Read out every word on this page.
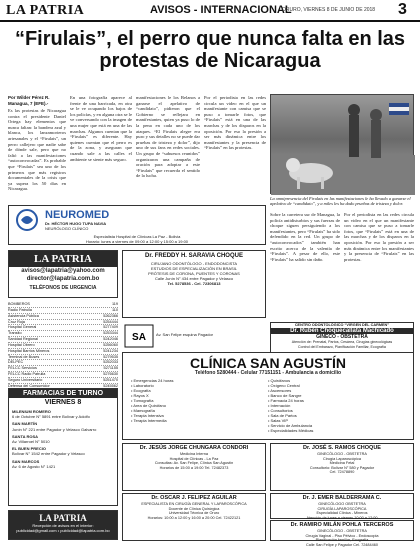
LA PATRIA	AVISOS - INTERNACIONAL
ORURO, VIERNES 8 DE JUNIO DE 2018 3
“Firulais”, el perro que nunca falta en las protestas de Nicaragua
Por Wilder Pérez R.
Managua, 7 (EFE).-
Es las protestas de Nicaragua contra el presidente Daniel Ortega hay elementos que nunca faltan: la bandera azul y blanca, los lanzamorteros artesanales y el “Firulais”, un perro callejero que nadie sabe de dónde sale, pero que no faltó a las manifestaciones “autoconvocadas”. Es probable que “Firulais” sea uno de los primeros que más registros documentales de la crisis que ya supera los 50 días en Nicaragua.
En una fotografía aparece al frente de una barricada, en otra se le ve ocupando los bajos de los policías, y en alguna otra se le ve conversando con la imagen de una mujer que está en una de las marchas. Algunos cuentan que la “Firulais” es diferente. Hay quienes cuentan que el perro es de la zona, y aseguran que cuando sale a las calles el ambiente se siente más seguro.
manifestaciones le los Belanos a ganarse el apelativo de “candidato”, pidieron que el Gobierno se reflejara en manifestantes, quien ya puso lo de la pena en cada uno de los ataques. “El Firulais alegre era puro y sus detalles no se puede dar pruebas de tristeza y dolor”, dijo uno de sus fans en redes sociales. Un grupo de “sabuesos reunidos” organizaron una campaña de oración para adoptar a este “Firulais” que recuerda el sentido de la lucha.
Por el periodista en las redes circula un video en el que un manifestante con camisa que se puso a tomarle fotos, que “Firulais” está en una de las marchas y de los disparos en la oposición. Por eso la presión a ser más dinámica entre los manifestantes y la presencia de “Firulais” en las protestas.
La omnipresencia del Firulais en las manifestaciones le ha llevado a ganarse el apelativo de “candidato”, y a miles les ha dado pruebas de tristeza y dolor.
Sobre la carretera sur de Managua, la policía antidisturbios y sus fuerzas de choque siguen persiguiendo a los manifestantes, pero “Firulais” ha sido defendido en la red. Un grupo de “autoconvocados” también han escrito acerca de la valentía de “Firulais”. A pesar de ello, este “Firulais” ha salido sin daño.
Por el periodista en las redes circula un video en el que un manifestante con camisa que se puso a tomarle fotos, que “Firulais” está en una de las marchas y de los disparos en la oposición. Por eso la presión a ser más dinámica entre los manifestantes y la presencia de “Firulais” en las protestas.
NEUROMED
Dr. HÉCTOR HUGO TUPA NAVIA
NEURÓLOGO CLÍNICO
Especialista Hospital de Clínicas La Paz - Bolivia
Horario: lunes a viernes de 09:00 a 12:00 y 15:00 a 19:00
LA PATRIA
avisos@lapatria@yahoo.com
director@lapatria.com.bo
TELÉFONOS DE URGENCIA
BOMBEROS	119
Radio Patrulla	110
Asistencia Pública	5262366
Cruz Roja	5254444
Hospital General	5277409
Transito	5253344
Sanidad Regional	5242046
Hospital Obrero	5256060
Hospital Barrios Mineros	5241234
Terminal de Buses	5279535
DELPEC	5252033
FELCC Servicios	5271155
FELCC Radio Patrulla	5276630
Seguro Universitario	5251470
Defensa del Consumidor	5245562
FARMACIAS DE TURNO
VIERNES 8
MILENIUM ROMERO
6 de Octubre N° 5891 entre Bolívar y Adolfo
SAN MARTÍN
Junín N° 221 entre Pagador y Velasco Galvarro
SANTA ROSA
Av. Villarroel N° 5010
EL BUEN PRECIO
Bolívar N° 1542 entre Pagador y Velasco
SAN MARCOS
Av. 6 de Agosto N° 1421
LA PATRIA
Recepción de avisos en el interior:
publicidad@gmail.com • publicidad@lapatria.com.bo
Dr. FREDDY H. SARAVIA CHOQUE
CIRUJANO ODONTÓLOGO - ENDODONCISTA
ESTUDIOS DE ESPECIALIZACIÓN EN BRASIL
PRÓTESIS DE CORONA, PUENTES Y CORONAS
Calle Junín N° 434 entre Pagador y Velasco
Tel. 5278536 - Cel. 72306813
CENTRO ODONTOLÓGICO “VIRGEN DEL CARMEN”
Dr. Rubén Choquecallata Machicado
GINECO - OBSTETRA
Atención de: Prenatal, Partos, Cesárea, Cirugías ginecológicas
Control del Embarazo, Planificación Familiar, Ecografía
SA	Av. San Felipe esquina Pagador
CLÍNICA SAN AGUSTÍN
Teléfono 5280444 - Celular 77151151 - Ambulancia a domicilio
• Emergencias 24 horas
• Laboratorio
• Ecografía
• Rayos X
• Tomografía
• Area de Quirófano
• Mamografía
• Terapia Intensiva
• Terapia Intermedia
• Quirófanos
• Oxígeno Central
• Ascensores
• Banco de Sangre
• Farmacia 24 horas
• Internación
• Consultorios
• Sala de Partos
• Salas VIP
• Servicio de Ambulancia
• Especialidades Médicas
Dr. JESÚS JORGE CHUNGARA CONDORI
Medicina Interna
Hospital de Clínicas - La Paz
Consultas: Av. San Felipe, Clínica San Agustín
Horarios de 15:00 a 19:00 Tel. 72482373
Dr. OSCAR J. FELIPEZ AGUILAR
ESPECIALISTA EN CIRUGÍA GENERAL Y LAPAROSCÓPICA
Docente de Clínica Quirúrgica
Universidad Técnica de Oruro
Horarios: 10:00 a 12:00 y 16:00 a 20:00 Cel. 72422121
Dr. JOSÉ S. RAMOS CHOQUE
GINECÓLOGO - OBSTETRA
Cirugía Laparoscópica
Medicina Fetal
Consultorio: Bolívar N° 580 y Pagador
Cel. 72478890
Dr. J. EMER BALDERRAMA C.
GINECÓLOGO OBSTETRA
CIRUGÍA LAPAROSCÓPICA
Especialidad Clínica - Mineros
Atención de lunes a viernes 10:00 a 12:00
Dr. RAMIRO MILÁN POHLA TERCEROS
GINECÓLOGO - OBSTETRA
Cirugía Vaginal - Piso Pélvico - Endoscopia
Planificación familiar, Ecografía
Calle San Felipe y Pagador Cel. 72484460
